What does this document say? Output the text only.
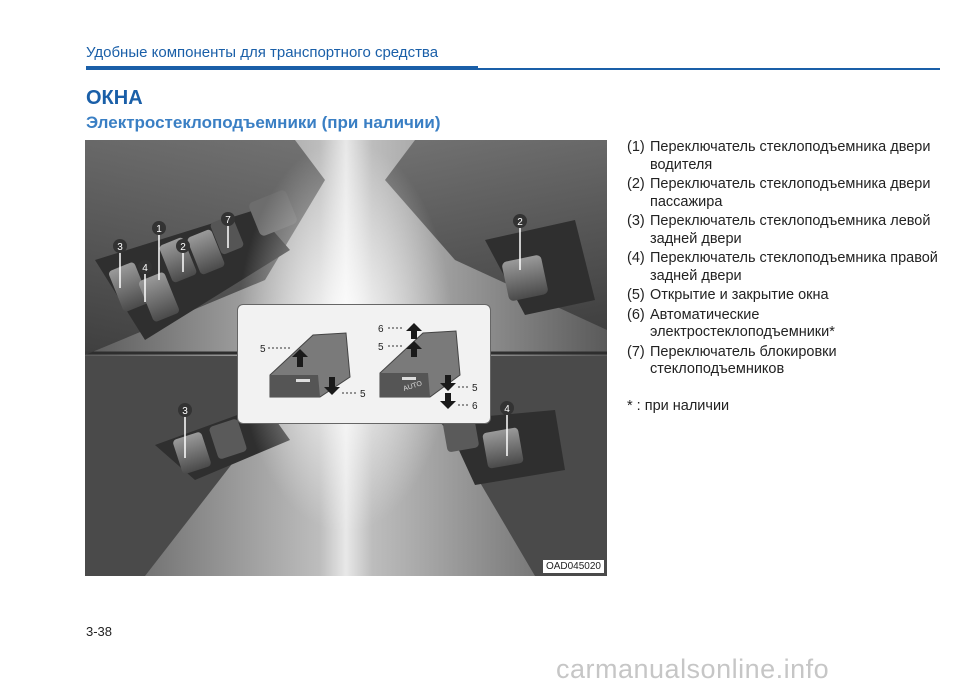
Удобные компоненты для транспортного средства
ОКНА
Электростеклоподъемники (при наличии)
3
1
4
2
7	2
3	4
5
5
AUTO
6
5
5
6
OAD045020
(1) Переключатель стеклоподъемника двери водителя
(2) Переключатель стеклоподъемника двери пассажира
(3) Переключатель стеклоподъемника левой задней двери
(4) Переключатель стеклоподъемника правой задней двери
(5) Открытие и закрытие окна
(6) Автоматические электростеклоподъемники*
(7) Переключатель блокировки стеклоподъемников
* : при наличии
3-38
carmanualsonline.info
